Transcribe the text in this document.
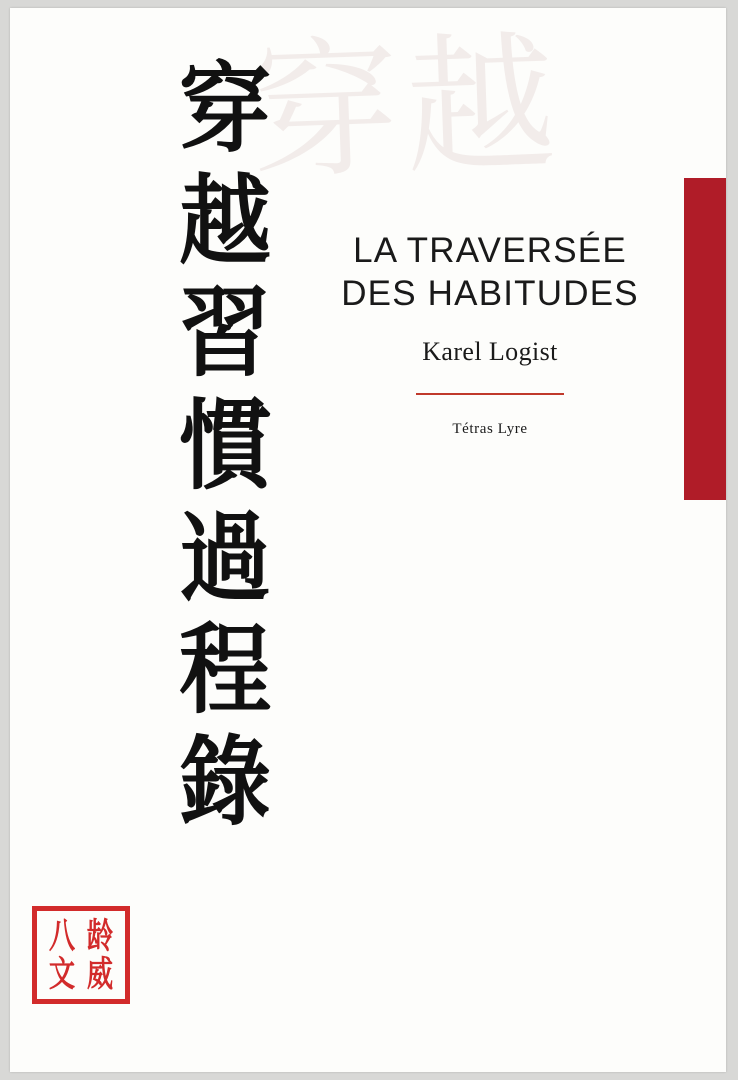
穿越
穿
越
習
慣
過
程
錄
LA TRAVERSÉE
DES HABITUDES
Karel Logist
Tétras Lyre
八 龄
文 威
